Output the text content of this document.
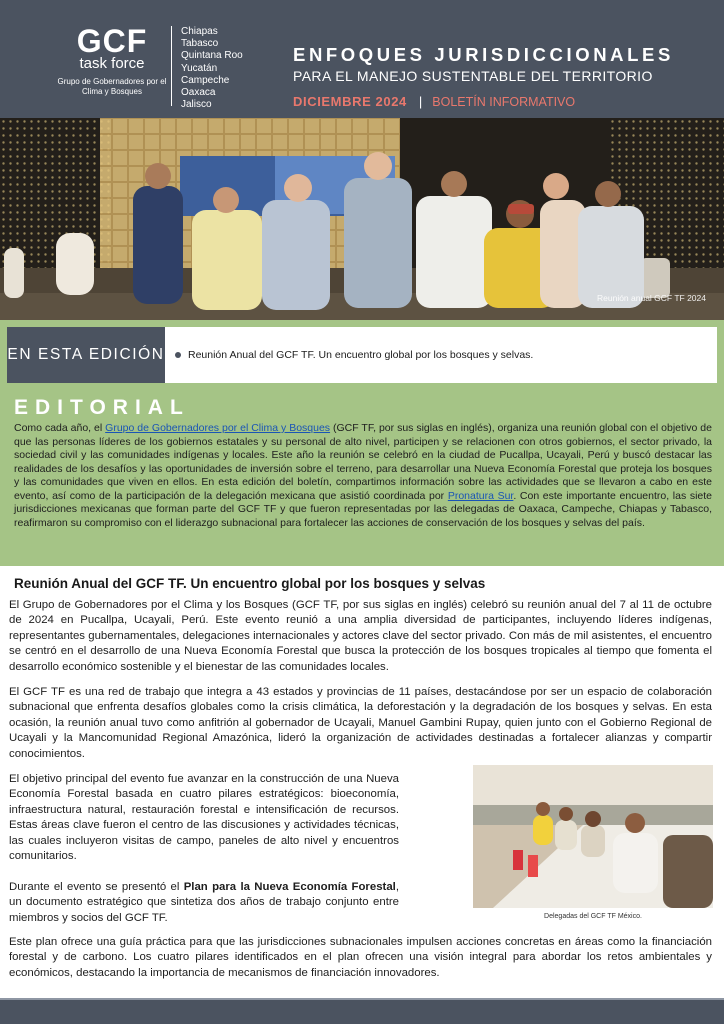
GCF
task force
Grupo de Gobernadores por el Clima y Bosques
Chiapas
Tabasco
Quintana Roo
Yucatán
Campeche
Oaxaca
Jalisco
ENFOQUES JURISDICCIONALES
PARA EL MANEJO SUSTENTABLE DEL TERRITORIO
DICIEMBRE 2024 | BOLETÍN INFORMATIVO
Reunión anual GCF TF 2024
EN ESTA EDICIÓN Reunión Anual del GCF TF. Un encuentro global por los bosques y selvas.
EDITORIAL
Como cada año, el Grupo de Gobernadores por el Clima y Bosques (GCF TF, por sus siglas en inglés), organiza una reunión global con el objetivo de que las personas líderes de los gobiernos estatales y su personal de alto nivel, participen y se relacionen con otros gobiernos, el sector privado, la sociedad civil y las comunidades indígenas y locales. Este año la reunión se celebró en la ciudad de Pucallpa, Ucayali, Perú y buscó destacar las realidades de los desafíos y las oportunidades de inversión sobre el terreno, para desarrollar una Nueva Economía Forestal que proteja los bosques y las comunidades que viven en ellos. En esta edición del boletín, compartimos información sobre las actividades que se llevaron a cabo en este evento, así como de la participación de la delegación mexicana que asistió coordinada por Pronatura Sur. Con este importante encuentro, las siete jurisdicciones mexicanas que forman parte del GCF TF y que fueron representadas por las delegadas de Oaxaca, Campeche, Chiapas y Tabasco, reafirmaron su compromiso con el liderazgo subnacional para fortalecer las acciones de conservación de los bosques y selvas del país.
Reunión Anual del GCF TF. Un encuentro global por los bosques y selvas
El Grupo de Gobernadores por el Clima y los Bosques (GCF TF, por sus siglas en inglés) celebró su reunión anual del 7 al 11 de octubre de 2024 en Pucallpa, Ucayali, Perú. Este evento reunió a una amplia diversidad de participantes, incluyendo líderes indígenas, representantes gubernamentales, delegaciones internacionales y actores clave del sector privado. Con más de mil asistentes, el encuentro se centró en el desarrollo de una Nueva Economía Forestal que busca la protección de los bosques tropicales al tiempo que fomenta el desarrollo económico sostenible y el bienestar de las comunidades locales.
El GCF TF es una red de trabajo que integra a 43 estados y provincias de 11 países, destacándose por ser un espacio de colaboración subnacional que enfrenta desafíos globales como la crisis climática, la deforestación y la degradación de los bosques y selvas. En esta ocasión, la reunión anual tuvo como anfitrión al gobernador de Ucayali, Manuel Gambini Rupay, quien junto con el Gobierno Regional de Ucayali y la Mancomunidad Regional Amazónica, lideró la organización de actividades destinadas a fortalecer alianzas y compartir conocimientos.
El objetivo principal del evento fue avanzar en la construcción de una Nueva Economía Forestal basada en cuatro pilares estratégicos: bioeconomía, infraestructura natural, restauración forestal e intensificación de recursos. Estas áreas clave fueron el centro de las discusiones y actividades técnicas, las cuales incluyeron visitas de campo, paneles de alto nivel y encuentros comunitarios.
Durante el evento se presentó el Plan para la Nueva Economía Forestal, un documento estratégico que sintetiza dos años de trabajo conjunto entre miembros y socios del GCF TF.	Delegadas del GCF TF México.
Este plan ofrece una guía práctica para que las jurisdicciones subnacionales impulsen acciones concretas en áreas como la financiación forestal y de carbono. Los cuatro pilares identificados en el plan ofrecen una visión integral para abordar los retos ambientales y económicos, destacando la importancia de mecanismos de financiación innovadores.
